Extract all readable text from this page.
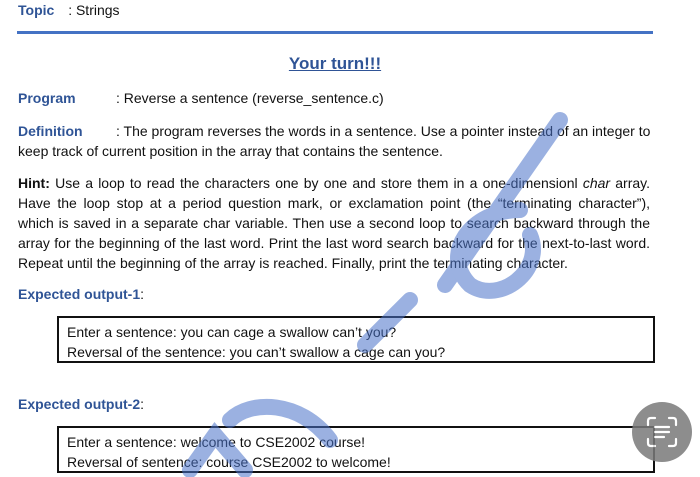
Topic : Strings
Your turn!!!
Program	: Reverse a sentence (reverse_sentence.c)
Definition : The program reverses the words in a sentence. Use a pointer instead of an integer to keep track of current position in the array that contains the sentence.
Hint: Use a loop to read the characters one by one and store them in a one-dimensionl char array. Have the loop stop at a period question mark, or exclamation point (the “terminating character”), which is saved in a separate char variable. Then use a second loop to search backward through the array for the beginning of the last word. Print the last word search backward for the next-to-last word. Repeat until the beginning of the array is reached. Finally, print the terminating character.
Expected output-1:
Enter a sentence: you can cage a swallow can’t you?
Reversal of the sentence: you can’t swallow a cage can you?
Expected output-2:
Enter a sentence: welcome to CSE2002 course!
Reversal of sentence: course CSE2002 to welcome!
